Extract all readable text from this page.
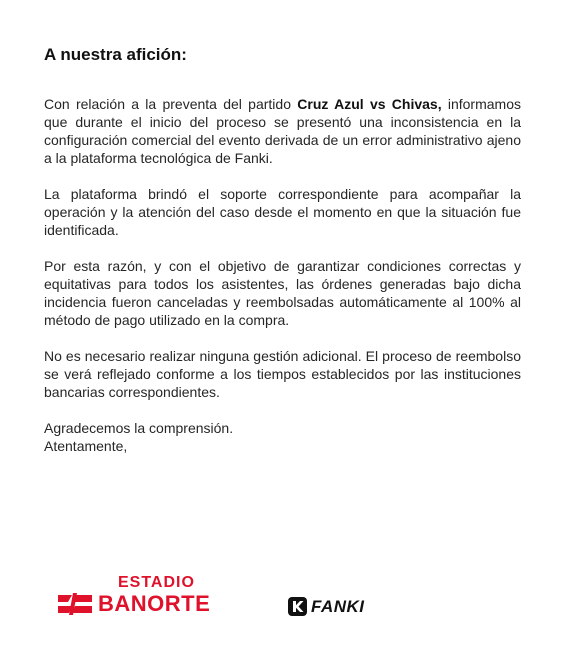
A nuestra afición:

Con relación a la preventa del partido Cruz Azul vs Chivas, informamos que durante el inicio del proceso se presentó una inconsistencia en la configuración comercial del evento derivada de un error administrativo ajeno a la plataforma tecnológica de Fanki.

La plataforma brindó el soporte correspondiente para acompañar la operación y la atención del caso desde el momento en que la situación fue identificada.

Por esta razón, y con el objetivo de garantizar condiciones correctas y equitativas para todos los asistentes, las órdenes generadas bajo dicha incidencia fueron canceladas y reembolsadas automáticamente al 100% al método de pago utilizado en la compra.

No es necesario realizar ninguna gestión adicional. El proceso de reembolso se verá reflejado conforme a los tiempos establecidos por las instituciones bancarias correspondientes.

Agradecemos la comprensión.

Atentamente,

ESTADIO
BANORTE	FANKI
